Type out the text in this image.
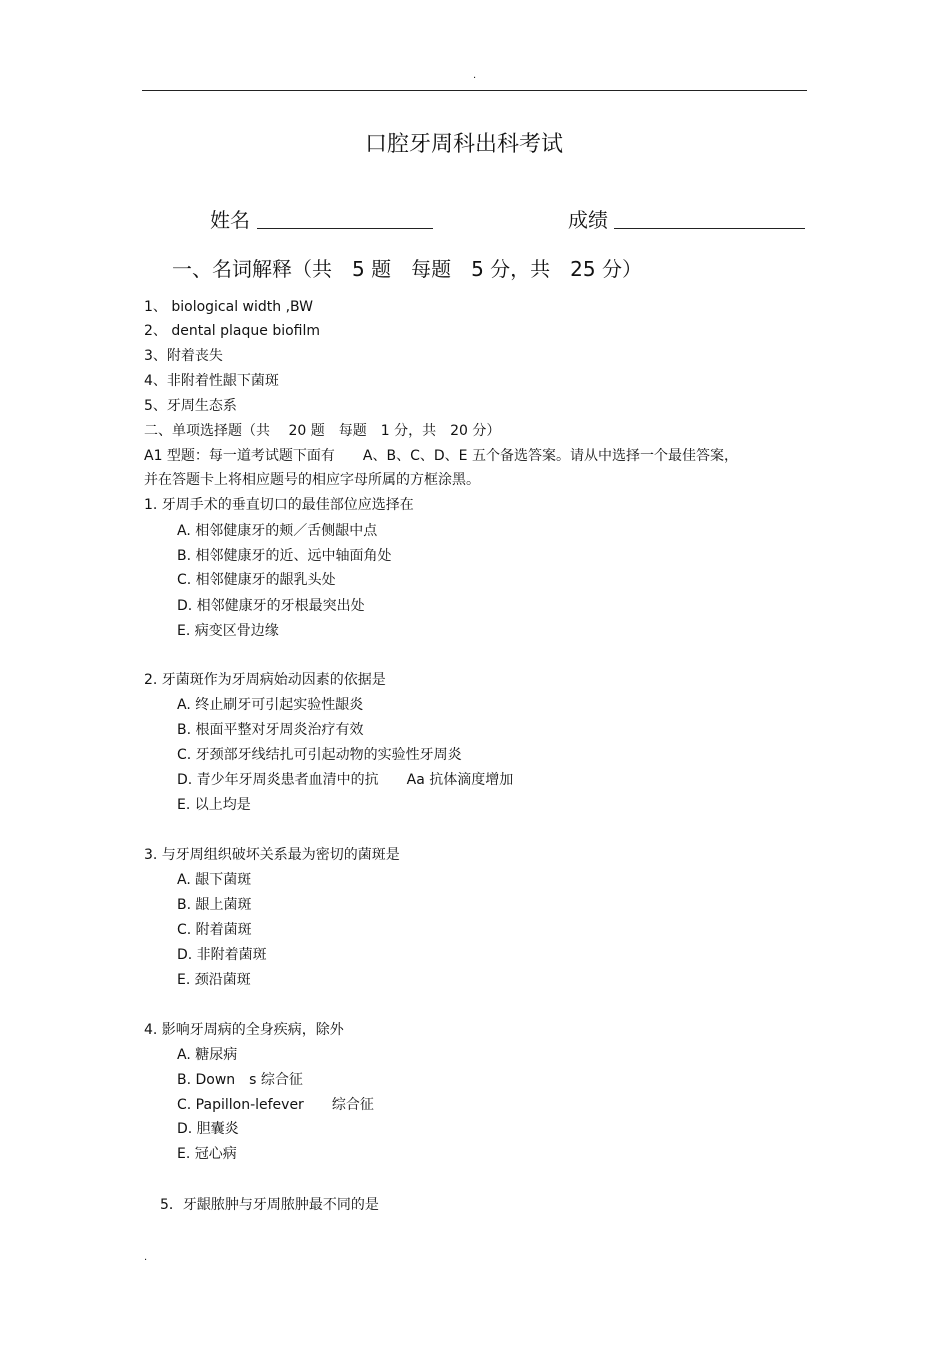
.
口腔牙周科出科考试
姓名	成绩
一、名词解释（共　5 题　每题　5 分，共　25 分）
1、 biological width ,BW
2、 dental plaque biofilm
3、附着丧失
4、非附着性龈下菌斑
5、牙周生态系
二、单项选择题（共　 20 题　每题　1 分，共　20 分）
A1 型题：每一道考试题下面有　　A、B、C、D、E 五个备选答案。请从中选择一个最佳答案，
并在答题卡上将相应题号的相应字母所属的方框涂黑。
1. 牙周手术的垂直切口的最佳部位应选择在
A. 相邻健康牙的颊／舌侧龈中点
B. 相邻健康牙的近、远中轴面角处
C. 相邻健康牙的龈乳头处
D. 相邻健康牙的牙根最突出处
E. 病变区骨边缘
2. 牙菌斑作为牙周病始动因素的依据是
A. 终止刷牙可引起实验性龈炎
B. 根面平整对牙周炎治疗有效
C. 牙颈部牙线结扎可引起动物的实验性牙周炎
D. 青少年牙周炎患者血清中的抗　　Aa 抗体滴度增加
E. 以上均是
3. 与牙周组织破坏关系最为密切的菌斑是
A. 龈下菌斑
B. 龈上菌斑
C. 附着菌斑
D. 非附着菌斑
E. 颈沿菌斑
4. 影响牙周病的全身疾病，除外
A. 糖尿病
B. Down　s 综合征
C. Papillon-lefever　　综合征
D. 胆囊炎
E. 冠心病
5．牙龈脓肿与牙周脓肿最不同的是
.
